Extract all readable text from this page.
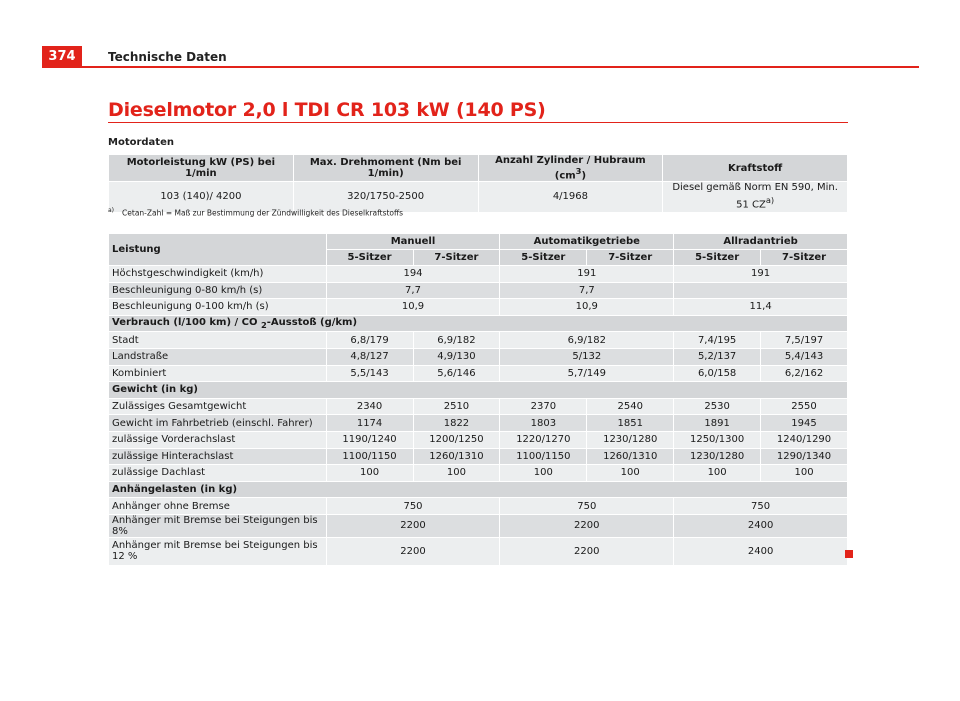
374	Technische Daten
Dieselmotor 2,0 l TDI CR 103 kW (140 PS)
Motordaten
Motorleistung kW (PS) bei 1/min	Max. Drehmoment (Nm bei 1/min)	Anzahl Zylinder / Hubraum $(cm^3)$	Kraftstoff
103 (140)/ 4200	320/1750-2500	4/1968	Diesel gemäß Norm EN 590, Min. 51 CZ$^{a)}$
$^{a)}$ Cetan-Zahl = Maß zur Bestimmung der Zündwilligkeit des Dieselkraftstoffs
Leistung	Manuell		Automatikgetriebe		Allradantrieb	
	5-Sitzer	7-Sitzer	5-Sitzer	7-Sitzer	5-Sitzer	7-Sitzer
Höchstgeschwindigkeit (km/h)	194		191		191	
Beschleunigung 0-80 km/h (s)	7,7		7,7			
Beschleunigung 0-100 km/h (s)	10,9		10,9		11,4	
Verbrauch (l/100 km) / CO $_2$-Ausstoß (g/km)						
Stadt	6,8/179	6,9/182	6,9/182		7,4/195	7,5/197
Landstraße	4,8/127	4,9/130	5/132		5,2/137	5,4/143
Kombiniert	5,5/143	5,6/146	5,7/149		6,0/158	6,2/162
Gewicht (in kg)						
Zulässiges Gesamtgewicht	2340	2510	2370	2540	2530	2550
Gewicht im Fahrbetrieb (einschl. Fahrer)	1174	1822	1803	1851	1891	1945
zulässige Vorderachslast	1190/1240	1200/1250	1220/1270	1230/1280	1250/1300	1240/1290
zulässige Hinterachslast	1100/1150	1260/1310	1100/1150	1260/1310	1230/1280	1290/1340
zulässige Dachlast	100	100	100	100	100	100
Anhängelasten (in kg)						
Anhänger ohne Bremse	750		750		750	
Anhänger mit Bremse bei Steigungen bis 8%	2200		2200		2400	
Anhänger mit Bremse bei Steigungen bis 12 %	2200		2200		2400	
